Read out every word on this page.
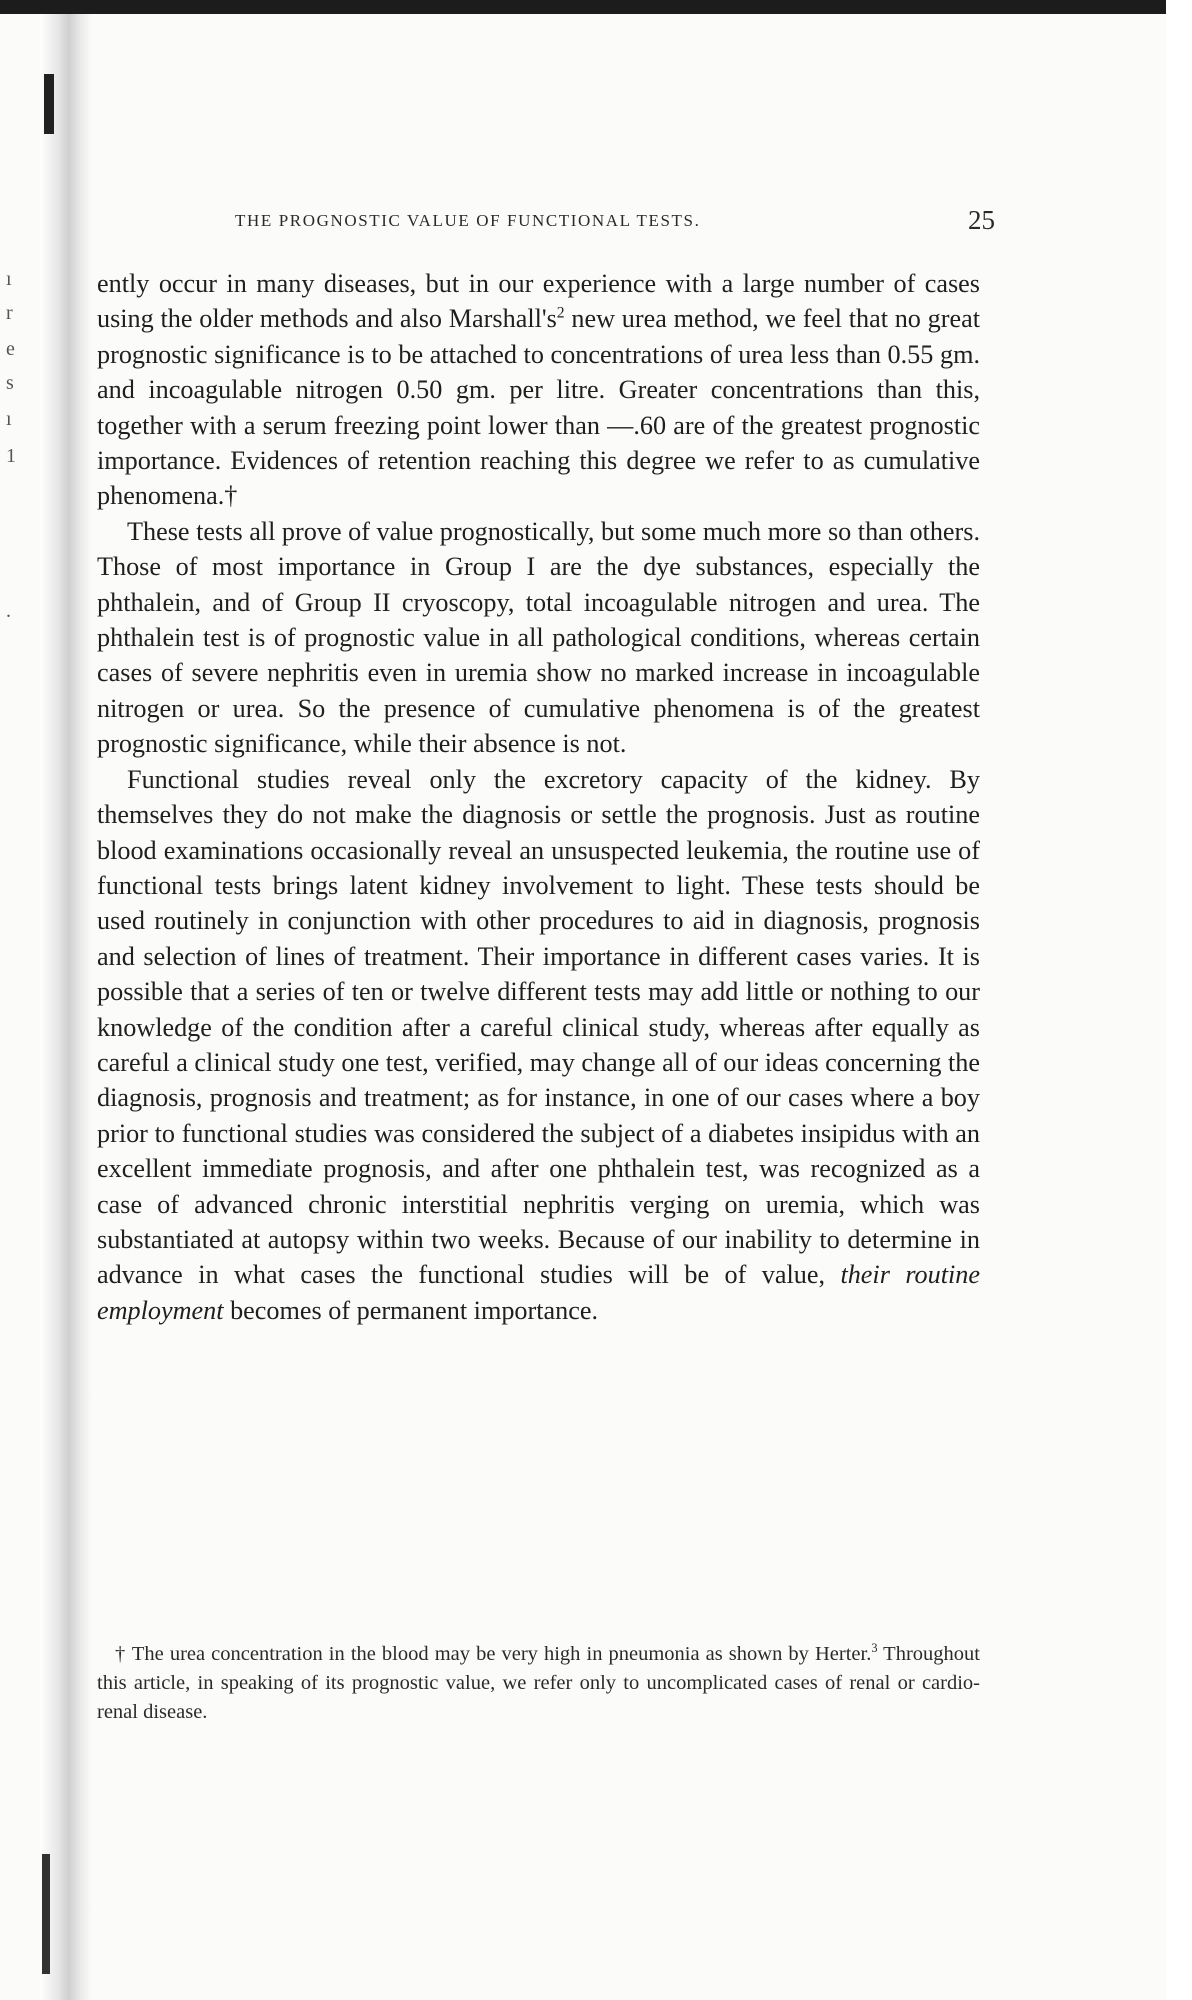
ı
r
e
s
ı
1
.
THE PROGNOSTIC VALUE OF FUNCTIONAL TESTS.	25

ently occur in many diseases, but in our experience with a large number of cases using the older methods and also $Marshall's^2$ new urea method, we feel that no great prognostic significance is to be attached to concentrations of urea less than 0.55 gm. and incoagulable nitrogen 0.50 gm. per litre. Greater concentrations than this, together with a serum freezing point lower than —.60 are of the greatest prognostic importance. Evidences of retention reaching this degree we refer to as cumulative phenomena.†

These tests all prove of value prognostically, but some much more so than others. Those of most importance in Group I are the dye substances, especially the phthalein, and of Group II cryoscopy, total incoagulable nitrogen and urea. The phthalein test is of prognostic value in all pathological conditions, whereas certain cases of severe nephritis even in uremia show no marked increase in incoagulable nitrogen or urea. So the presence of cumulative phenomena is of the greatest prognostic significance, while their absence is not.

Functional studies reveal only the excretory capacity of the kidney. By themselves they do not make the diagnosis or settle the prognosis. Just as routine blood examinations occasionally reveal an unsuspected leukemia, the routine use of functional tests brings latent kidney involvement to light. These tests should be used routinely in conjunction with other procedures to aid in diagnosis, prognosis and selection of lines of treatment. Their importance in different cases varies. It is possible that a series of ten or twelve different tests may add little or nothing to our knowledge of the condition after a careful clinical study, whereas after equally as careful a clinical study one test, verified, may change all of our ideas concerning the diagnosis, prognosis and treatment; as for instance, in one of our cases where a boy prior to functional studies was considered the subject of a diabetes insipidus with an excellent immediate prognosis, and after one phthalein test, was recognized as a case of advanced chronic interstitial nephritis verging on uremia, which was substantiated at autopsy within two weeks. Because of our inability to determine in advance in what cases the functional studies will be of value, their routine employment becomes of permanent importance.

† The urea concentration in the blood may be very high in pneumonia as shown by Herter.$^3$ Throughout this article, in speaking of its prognostic value, we refer only to uncomplicated cases of renal or cardio-renal disease.
